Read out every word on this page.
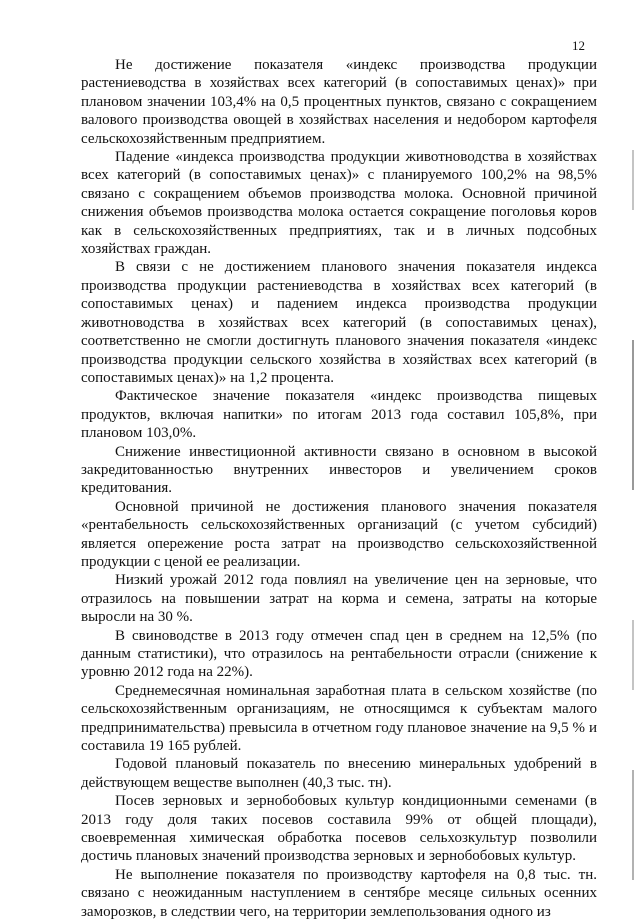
12

Не достижение показателя «индекс производства продукции растениеводства в хозяйствах всех категорий (в сопоставимых ценах)» при плановом значении 103,4% на 0,5 процентных пунктов, связано с сокращением валового производства овощей в хозяйствах населения и недобором картофеля сельскохозяйственным предприятием.

Падение «индекса производства продукции животноводства в хозяйствах всех категорий (в сопоставимых ценах)» с планируемого 100,2% на 98,5% связано с сокращением объемов производства молока. Основной причиной снижения объемов производства молока остается сокращение поголовья коров как в сельскохозяйственных предприятиях, так и в личных подсобных хозяйствах граждан.

В связи с не достижением планового значения показателя индекса производства продукции растениеводства в хозяйствах всех категорий (в сопоставимых ценах) и падением индекса производства продукции животноводства в хозяйствах всех категорий (в сопоставимых ценах), соответственно не смогли достигнуть планового значения показателя «индекс производства продукции сельского хозяйства в хозяйствах всех категорий (в сопоставимых ценах)» на 1,2 процента.

Фактическое значение показателя «индекс производства пищевых продуктов, включая напитки» по итогам 2013 года составил 105,8%, при плановом 103,0%.

Снижение инвестиционной активности связано в основном в высокой закредитованностью внутренних инвесторов и увеличением сроков кредитования.

Основной причиной не достижения планового значения показателя «рентабельность сельскохозяйственных организаций (с учетом субсидий) является опережение роста затрат на производство сельскохозяйственной продукции с ценой ее реализации.

Низкий урожай 2012 года повлиял на увеличение цен на зерновые, что отразилось на повышении затрат на корма и семена, затраты на которые выросли на 30 %.

В свиноводстве в 2013 году отмечен спад цен в среднем на 12,5% (по данным статистики), что отразилось на рентабельности отрасли (снижение к уровню 2012 года на 22%).

Среднемесячная номинальная заработная плата в сельском хозяйстве (по сельскохозяйственным организациям, не относящимся к субъектам малого предпринимательства) превысила в отчетном году плановое значение на 9,5 % и составила 19 165 рублей.

Годовой плановый показатель по внесению минеральных удобрений в действующем веществе выполнен (40,3 тыс. тн).

Посев зерновых и зернобобовых культур кондиционными семенами (в 2013 году доля таких посевов составила 99% от общей площади), своевременная химическая обработка посевов сельхозкультур позволили достичь плановых значений производства зерновых и зернобобовых культур.

Не выполнение показателя по производству картофеля на 0,8 тыс. тн. связано с неожиданным наступлением в сентябре месяце сильных осенних заморозков, в следствии чего, на территории землепользования одного из
